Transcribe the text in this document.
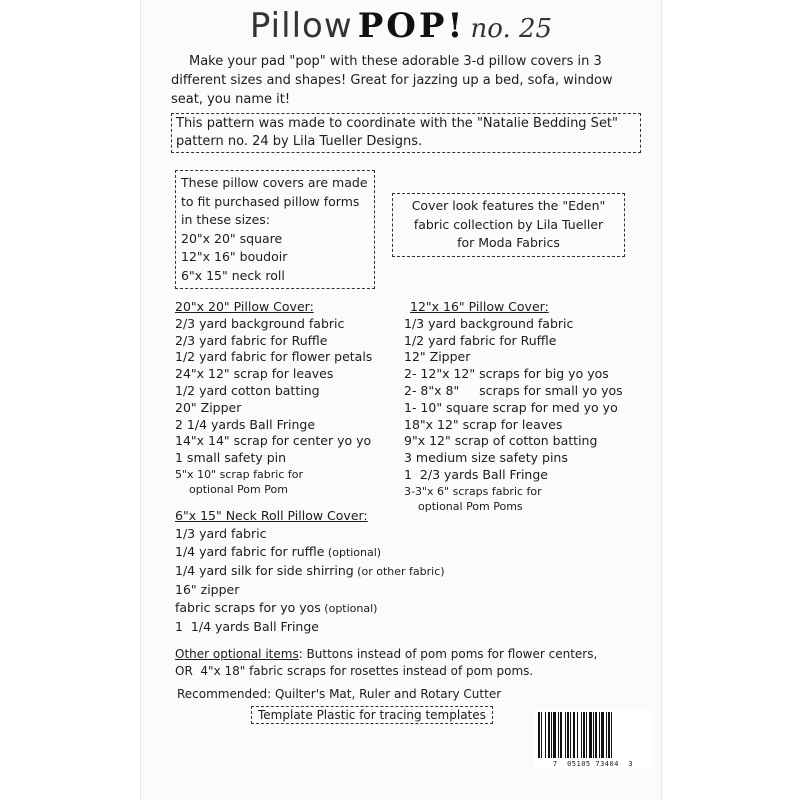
Pillow POP! no. 25
Make your pad "pop" with these adorable 3-d pillow covers in 3 different sizes and shapes! Great for jazzing up a bed, sofa, window seat, you name it!
This pattern was made to coordinate with the "Natalie Bedding Set" pattern no. 24 by Lila Tueller Designs.
These pillow covers are made
to fit purchased pillow forms
in these sizes:
20"x 20" square
12"x 16" boudoir
6"x 15" neck roll
Cover look features the "Eden"
fabric collection by Lila Tueller
for Moda Fabrics
20"x 20" Pillow Cover:
2/3 yard background fabric
2/3 yard fabric for Ruffle
1/2 yard fabric for flower petals
24"x 12" scrap for leaves
1/2 yard cotton batting
20" Zipper
2 1/4 yards Ball Fringe
14"x 14" scrap for center yo yo
1 small safety pin
5"x 10" scrap fabric for
optional Pom Pom
12"x 16" Pillow Cover:
1/3 yard background fabric
1/2 yard fabric for Ruffle
12" Zipper
2- 12"x 12" scraps for big yo yos
2- 8"x 8"     scraps for small yo yos
1- 10" square scrap for med yo yo
18"x 12" scrap for leaves
9"x 12" scrap of cotton batting
3 medium size safety pins
1  2/3 yards Ball Fringe
3-3"x 6" scraps fabric for
optional Pom Poms
6"x 15" Neck Roll Pillow Cover:
1/3 yard fabric
1/4 yard fabric for ruffle (optional)
1/4 yard silk for side shirring (or other fabric)
16" zipper
fabric scraps for yo yos (optional)
1  1/4 yards Ball Fringe
Other optional items: Buttons instead of pom poms for flower centers,
OR  4"x 18" fabric scraps for rosettes instead of pom poms.
Recommended: Quilter's Mat, Ruler and Rotary Cutter
Template Plastic for tracing templates
7  05105 73404  3
